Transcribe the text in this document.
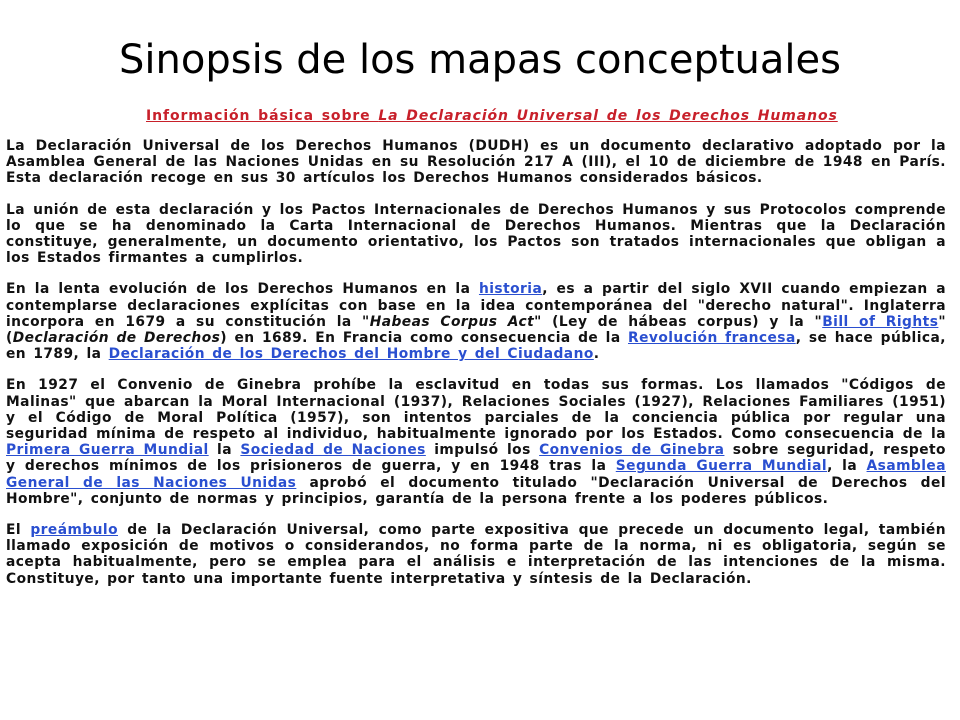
Sinopsis de los mapas conceptuales
Información básica sobre La Declaración Universal de los Derechos Humanos

La Declaración Universal de los Derechos Humanos (DUDH) es un documento declarativo adoptado por la Asamblea General de las Naciones Unidas en su Resolución 217 A (III), el 10 de diciembre de 1948 en París. Esta declaración recoge en sus 30 artículos los Derechos Humanos considerados básicos.

La unión de esta declaración y los Pactos Internacionales de Derechos Humanos y sus Protocolos comprende lo que se ha denominado la Carta Internacional de Derechos Humanos. Mientras que la Declaración constituye, generalmente, un documento orientativo, los Pactos son tratados internacionales que obligan a los Estados firmantes a cumplirlos.

En la lenta evolución de los Derechos Humanos en la historia, es a partir del siglo XVII cuando empiezan a contemplarse declaraciones explícitas con base en la idea contemporánea del "derecho natural". Inglaterra incorpora en 1679 a su constitución la "Habeas Corpus Act" (Ley de hábeas corpus) y la "Bill of Rights" (Declaración de Derechos) en 1689. En Francia como consecuencia de la Revolución francesa, se hace pública, en 1789, la Declaración de los Derechos del Hombre y del Ciudadano.

En 1927 el Convenio de Ginebra prohíbe la esclavitud en todas sus formas. Los llamados "Códigos de Malinas" que abarcan la Moral Internacional (1937), Relaciones Sociales (1927), Relaciones Familiares (1951) y el Código de Moral Política (1957), son intentos parciales de la conciencia pública por regular una seguridad mínima de respeto al individuo, habitualmente ignorado por los Estados. Como consecuencia de la Primera Guerra Mundial la Sociedad de Naciones impulsó los Convenios de Ginebra sobre seguridad, respeto y derechos mínimos de los prisioneros de guerra, y en 1948 tras la Segunda Guerra Mundial, la Asamblea General de las Naciones Unidas aprobó el documento titulado "Declaración Universal de Derechos del Hombre", conjunto de normas y principios, garantía de la persona frente a los poderes públicos.

El preámbulo de la Declaración Universal, como parte expositiva que precede un documento legal, también llamado exposición de motivos o considerandos, no forma parte de la norma, ni es obligatoria, según se acepta habitualmente, pero se emplea para el análisis e interpretación de las intenciones de la misma. Constituye, por tanto una importante fuente interpretativa y síntesis de la Declaración.
